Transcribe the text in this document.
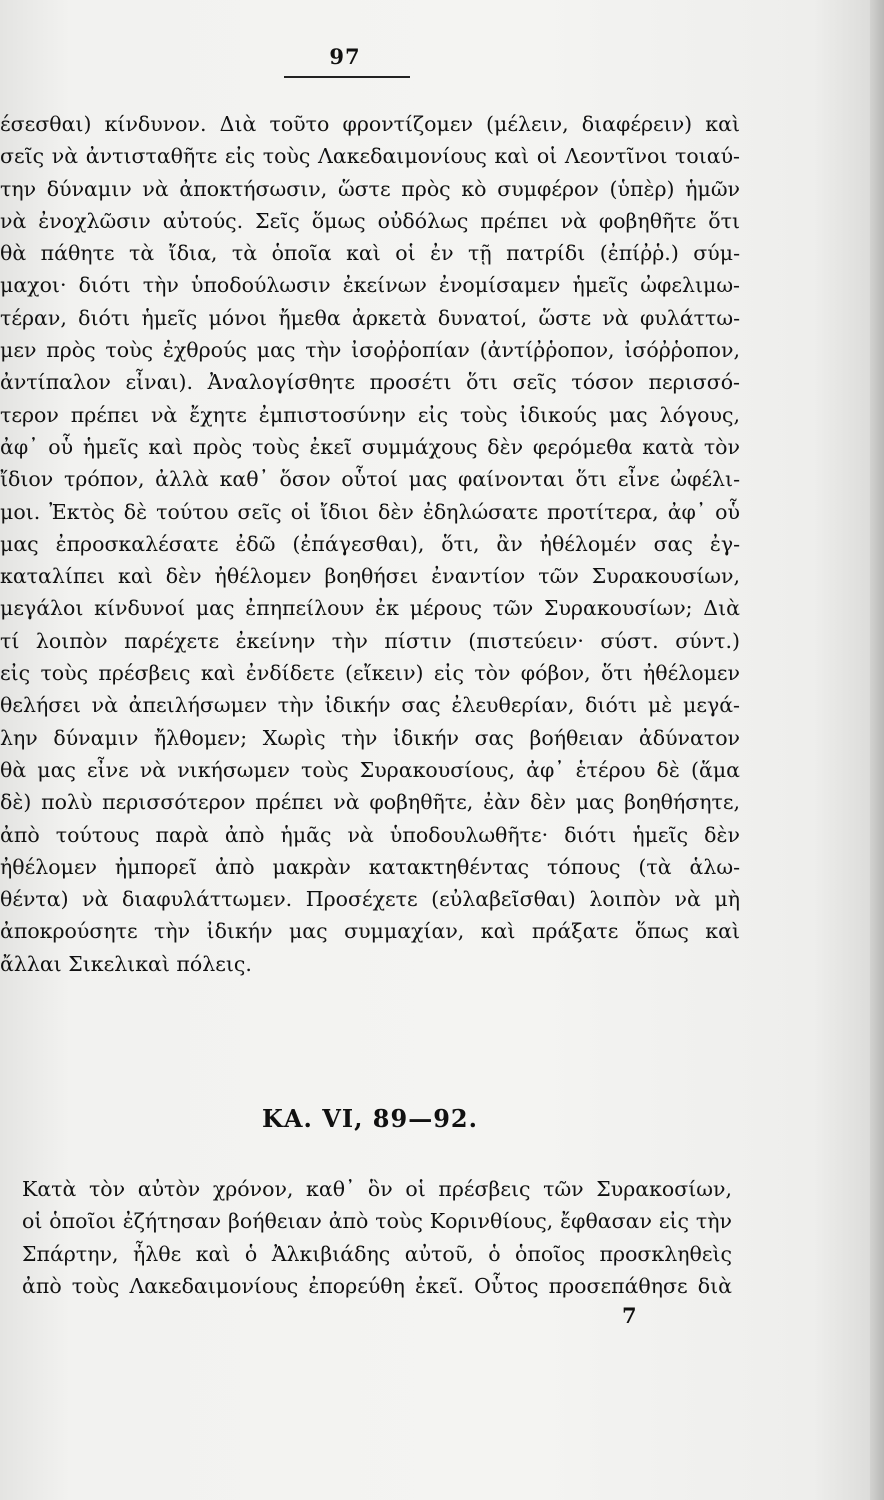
97
έσεσθαι) κίνδυνον. Διὰ τοῦτο φροντίζομεν (μέλειν, διαφέρειν) καὶ
σεῖς νὰ ἀντισταθῆτε εἰς τοὺς Λακεδαιμονίους καὶ οἱ Λεοντῖνοι τοιαύ-
την δύναμιν νὰ ἀποκτήσωσιν, ὥστε πρὸς κὸ συμφέρον (ὑπὲρ) ἡμῶν
νὰ ἐνοχλῶσιν αὐτούς. Σεῖς ὅμως οὐδόλως πρέπει νὰ φοβηθῆτε ὅτι
θὰ πάθητε τὰ ἴδια, τὰ ὁποῖα καὶ οἱ ἐν τῇ πατρίδι (ἐπίῤῥ.) σύμ-
μαχοι· διότι τὴν ὑποδούλωσιν ἐκείνων ἐνομίσαμεν ἡμεῖς ὠφελιμω-
τέραν, διότι ἡμεῖς μόνοι ἤμεθα ἀρκετὰ δυνατοί, ὥστε νὰ φυλάττω-
μεν πρὸς τοὺς ἐχθρούς μας τὴν ἰσοῤῥοπίαν (ἀντίῤῥοπον, ἰσόῤῥοπον,
ἀντίπαλον εἶναι). Ἀναλογίσθητε προσέτι ὅτι σεῖς τόσον περισσό-
τερον πρέπει νὰ ἔχητε ἐμπιστοσύνην εἰς τοὺς ἰδικούς μας λόγους,
ἀφ᾿ οὗ ἡμεῖς καὶ πρὸς τοὺς ἐκεῖ συμμάχους δὲν φερόμεθα κατὰ τὸν
ἴδιον τρόπον, ἀλλὰ καθ᾿ ὅσον οὗτοί μας φαίνονται ὅτι εἶνε ὠφέλι-
μοι. Ἐκτὸς δὲ τούτου σεῖς οἱ ἴδιοι δὲν ἐδηλώσατε προτίτερα, ἀφ᾿ οὗ
μας ἐπροσκαλέσατε ἐδῶ (ἐπάγεσθαι), ὅτι, ἂν ἠθέλομέν σας ἐγ-
καταλίπει καὶ δὲν ἠθέλομεν βοηθήσει ἐναντίον τῶν Συρακουσίων,
μεγάλοι κίνδυνοί μας ἐπηπείλουν ἐκ μέρους τῶν Συρακουσίων; Διὰ
τί λοιπὸν παρέχετε ἐκείνην τὴν πίστιν (πιστεύειν· σύστ. σύντ.)
εἰς τοὺς πρέσβεις καὶ ἐνδίδετε (εἴκειν) εἰς τὸν φόβον, ὅτι ἠθέλομεν
θελήσει νὰ ἀπειλήσωμεν τὴν ἰδικήν σας ἐλευθερίαν, διότι μὲ μεγά-
λην δύναμιν ἤλθομεν; Χωρὶς τὴν ἰδικήν σας βοήθειαν ἀδύνατον
θὰ μας εἶνε νὰ νικήσωμεν τοὺς Συρακουσίους, ἀφ᾿ ἑτέρου δὲ (ἅμα
δὲ) πολὺ περισσότερον πρέπει νὰ φοβηθῆτε, ἐὰν δὲν μας βοηθήσητε,
ἀπὸ τούτους παρὰ ἀπὸ ἡμᾶς νὰ ὑποδουλωθῆτε· διότι ἡμεῖς δὲν
ἠθέλομεν ἠμπορεῖ ἀπὸ μακρὰν κατακτηθέντας τόπους (τὰ ἁλω-
θέντα) νὰ διαφυλάττωμεν. Προσέχετε (εὐλαβεῖσθαι) λοιπὸν νὰ μὴ
ἀποκρούσητε τὴν ἰδικήν μας συμμαχίαν, καὶ πράξατε ὅπως καὶ
ἄλλαι Σικελικαὶ πόλεις.
ΚΑ. VI, 89—92.
Κατὰ τὸν αὐτὸν χρόνον, καθ᾿ ὃν οἱ πρέσβεις τῶν Συρακοσίων,
οἱ ὁποῖοι ἐζήτησαν βοήθειαν ἀπὸ τοὺς Κορινθίους, ἔφθασαν εἰς τὴν
Σπάρτην, ἦλθε καὶ ὁ Ἀλκιβιάδης αὐτοῦ, ὁ ὁποῖος προσκληθεὶς
ἀπὸ τοὺς Λακεδαιμονίους ἐπορεύθη ἐκεῖ. Οὗτος προσεπάθησε διὰ
7
